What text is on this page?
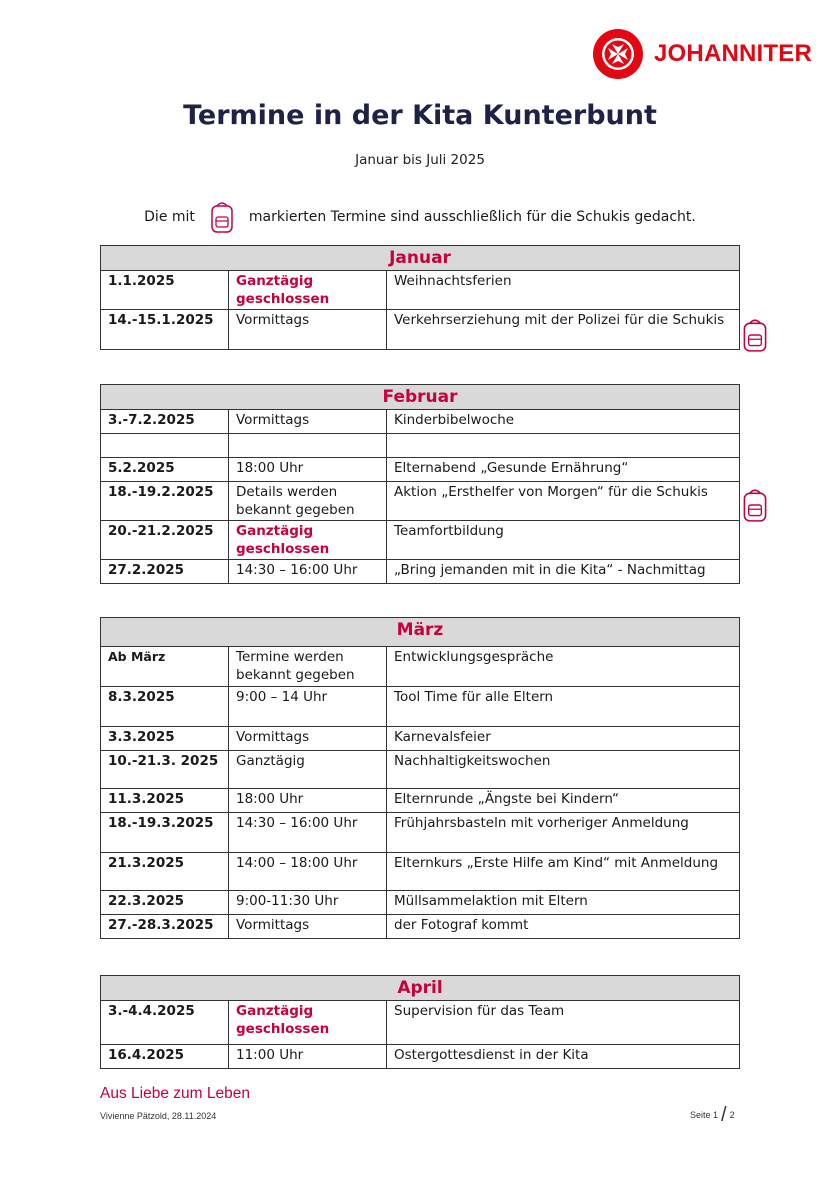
JOHANNITER
Termine in der Kita Kunterbunt
Januar bis Juli 2025
Die mit	markierten Termine sind ausschließlich für die Schukis gedacht.
Januar		
1.1.2025	Ganztägig geschlossen	Weihnachtsferien
14.-15.1.2025	Vormittags	Verkehrserziehung mit der Polizei für die Schukis
Februar		
3.-7.2.2025	Vormittags	Kinderbibelwoche

5.2.2025	18:00 Uhr	Elternabend „Gesunde Ernährung“
18.-19.2.2025	Details werden bekannt gegeben	Aktion „Ersthelfer von Morgen“ für die Schukis
20.-21.2.2025	Ganztägig geschlossen	Teamfortbildung
27.2.2025	14:30 – 16:00 Uhr	„Bring jemanden mit in die Kita“ - Nachmittag
März		
Ab März	Termine werden bekannt gegeben	Entwicklungsgespräche
8.3.2025	9:00 – 14 Uhr	Tool Time für alle Eltern
3.3.2025	Vormittags	Karnevalsfeier
10.-21.3. 2025	Ganztägig	Nachhaltigkeitswochen
11.3.2025	18:00 Uhr	Elternrunde „Ängste bei Kindern“
18.-19.3.2025	14:30 – 16:00 Uhr	Frühjahrsbasteln mit vorheriger Anmeldung
21.3.2025	14:00 – 18:00 Uhr	Elternkurs „Erste Hilfe am Kind“ mit Anmeldung
22.3.2025	9:00-11:30 Uhr	Müllsammelaktion mit Eltern
27.-28.3.2025	Vormittags	der Fotograf kommt
April		
3.-4.4.2025	Ganztägig geschlossen	Supervision für das Team
16.4.2025	11:00 Uhr	Ostergottesdienst in der Kita
Aus Liebe zum Leben
Vivienne Pätzold, 28.11.2024	Seite
1 / 2
